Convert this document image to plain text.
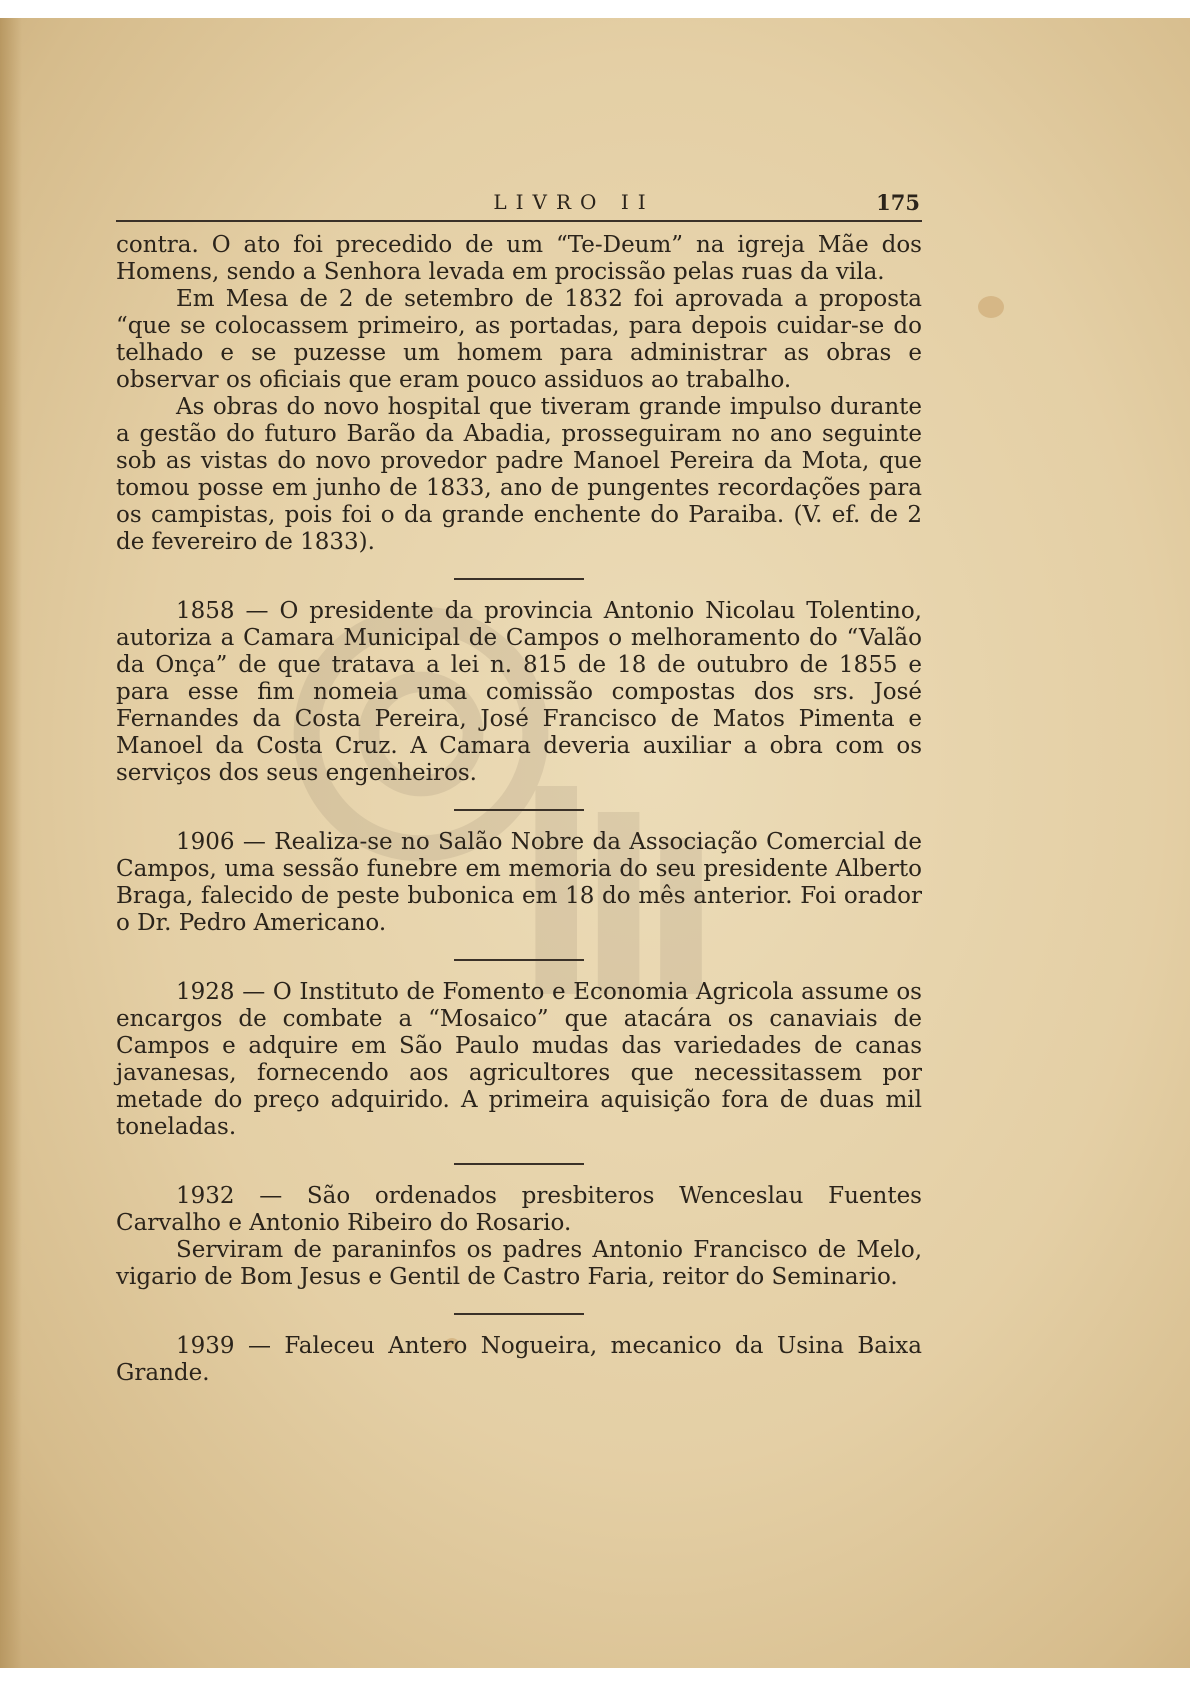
LIVRO II	175

contra. O ato foi precedido de um “Te-Deum” na igreja Mãe dos Homens, sendo a Senhora levada em procissão pelas ruas da vila.

Em Mesa de 2 de setembro de 1832 foi aprovada a proposta “que se colocassem primeiro, as portadas, para depois cuidar-se do telhado e se puzesse um homem para administrar as obras e observar os oficiais que eram pouco assiduos ao trabalho.

As obras do novo hospital que tiveram grande impulso durante a gestão do futuro Barão da Abadia, prosseguiram no ano seguinte sob as vistas do novo provedor padre Manoel Pereira da Mota, que tomou posse em junho de 1833, ano de pungentes recordações para os campistas, pois foi o da grande enchente do Paraiba. (V. ef. de 2 de fevereiro de 1833).

1858 — O presidente da provincia Antonio Nicolau Tolentino, autoriza a Camara Municipal de Campos o melhoramento do “Valão da Onça” de que tratava a lei n. 815 de 18 de outubro de 1855 e para esse fim nomeia uma comissão compostas dos srs. José Fernandes da Costa Pereira, José Francisco de Matos Pimenta e Manoel da Costa Cruz. A Camara deveria auxiliar a obra com os serviços dos seus engenheiros.

1906 — Realiza-se no Salão Nobre da Associação Comercial de Campos, uma sessão funebre em memoria do seu presidente Alberto Braga, falecido de peste bubonica em 18 do mês anterior. Foi orador o Dr. Pedro Americano.

1928 — O Instituto de Fomento e Economia Agricola assume os encargos de combate a “Mosaico” que atacára os canaviais de Campos e adquire em São Paulo mudas das variedades de canas javanesas, fornecendo aos agricultores que necessitassem por metade do preço adquirido. A primeira aquisição fora de duas mil toneladas.

1932 — São ordenados presbiteros Wenceslau Fuentes Carvalho e Antonio Ribeiro do Rosario.

Serviram de paraninfos os padres Antonio Francisco de Melo, vigario de Bom Jesus e Gentil de Castro Faria, reitor do Seminario.

1939 — Faleceu Antero Nogueira, mecanico da Usina Baixa Grande.
